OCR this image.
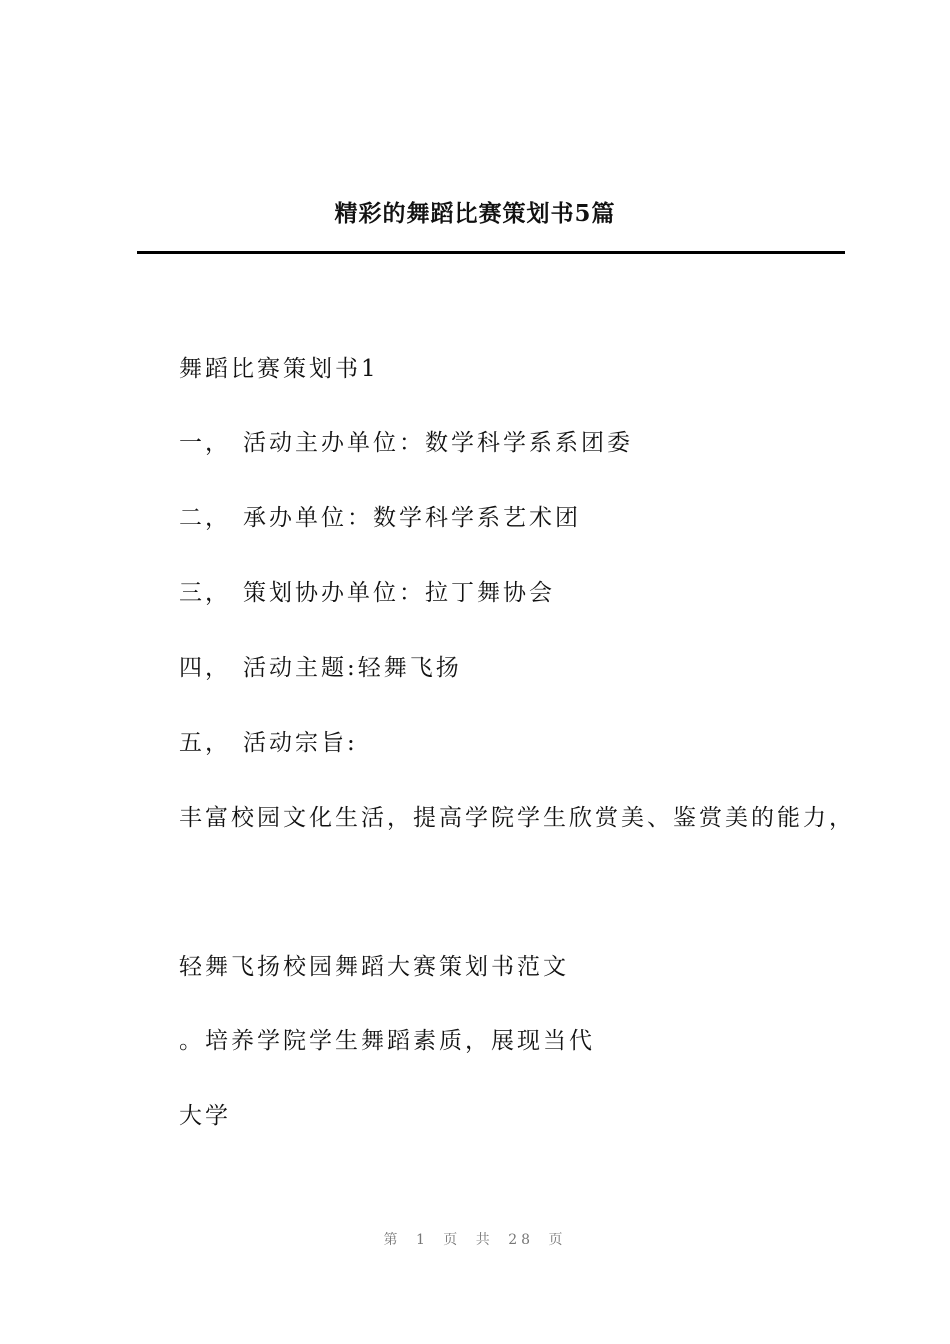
精彩的舞蹈比赛策划书5篇
舞蹈比赛策划书1
一， 活动主办单位：数学科学系系团委
二， 承办单位：数学科学系艺术团
三， 策划协办单位：拉丁舞协会
四， 活动主题:轻舞飞扬
五， 活动宗旨:
丰富校园文化生活，提高学院学生欣赏美、鉴赏美的能力，
轻舞飞扬校园舞蹈大赛策划书范文
。培养学院学生舞蹈素质，展现当代
大学
第 1 页 共 28 页
